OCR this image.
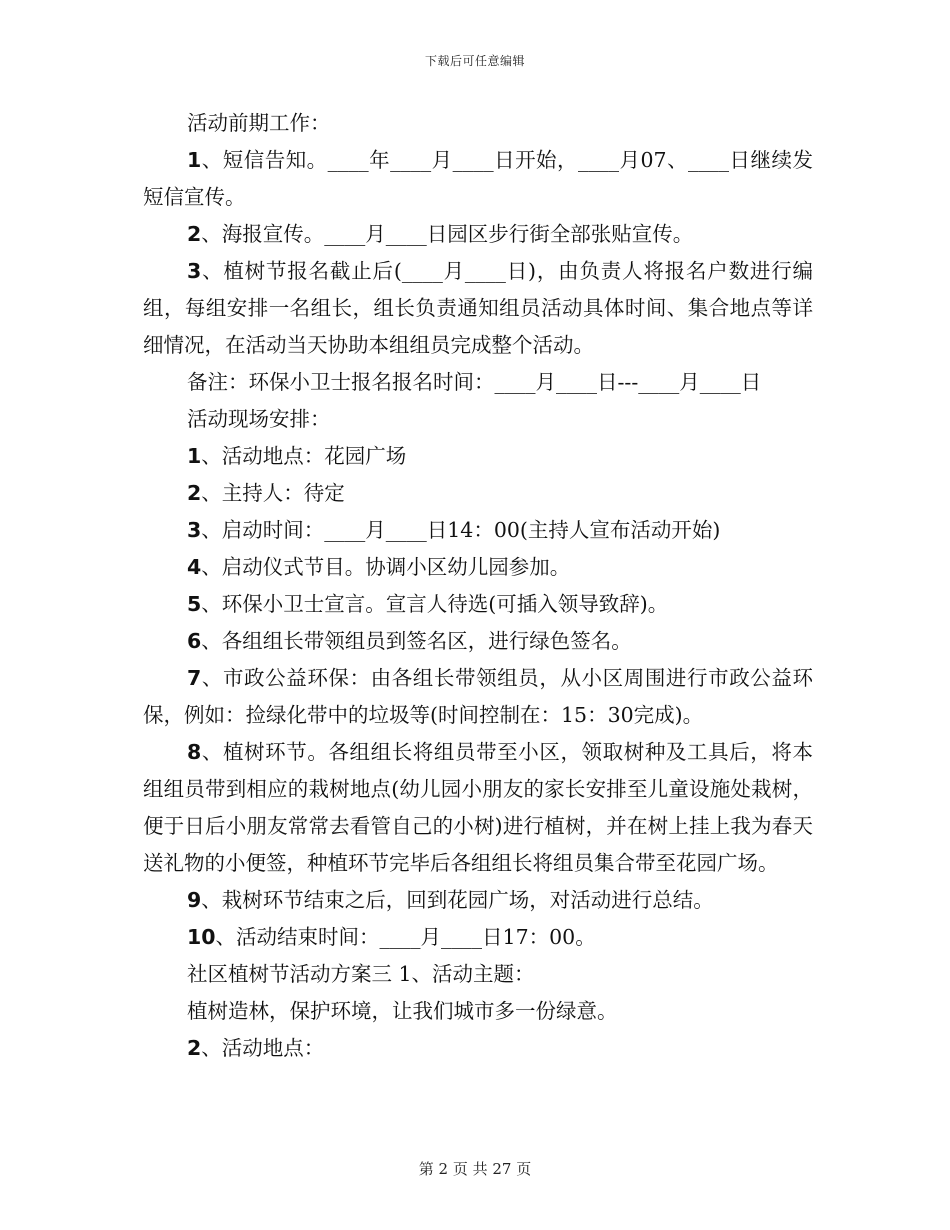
下载后可任意编辑

活动前期工作：

1、短信告知。____年____月____日开始，____月07、____日继续发短信宣传。

2、海报宣传。____月____日园区步行街全部张贴宣传。

3、植树节报名截止后(____月____日)，由负责人将报名户数进行编组，每组安排一名组长，组长负责通知组员活动具体时间、集合地点等详细情况，在活动当天协助本组组员完成整个活动。

备注：环保小卫士报名报名时间：____月____日---____月____日

活动现场安排：

1、活动地点：花园广场

2、主持人：待定

3、启动时间：____月____日14：00(主持人宣布活动开始)

4、启动仪式节目。协调小区幼儿园参加。

5、环保小卫士宣言。宣言人待选(可插入领导致辞)。

6、各组组长带领组员到签名区，进行绿色签名。

7、市政公益环保：由各组长带领组员，从小区周围进行市政公益环保，例如：捡绿化带中的垃圾等(时间控制在：15：30完成)。

8、植树环节。各组组长将组员带至小区，领取树种及工具后，将本组组员带到相应的栽树地点(幼儿园小朋友的家长安排至儿童设施处栽树，便于日后小朋友常常去看管自己的小树)进行植树，并在树上挂上我为春天送礼物的小便签，种植环节完毕后各组组长将组员集合带至花园广场。

9、栽树环节结束之后，回到花园广场，对活动进行总结。

10、活动结束时间：____月____日17：00。

社区植树节活动方案三 1、活动主题：

植树造林，保护环境，让我们城市多一份绿意。

2、活动地点：

第 2 页 共 27 页
